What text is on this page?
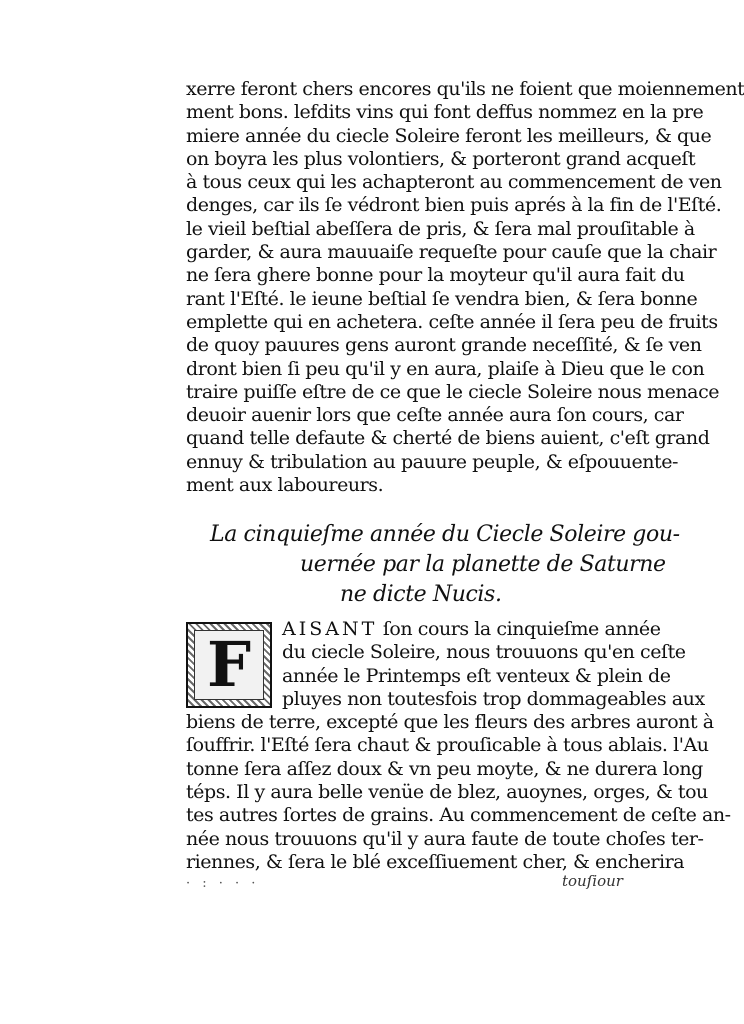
xerre feront chers encores qu'ils ne foient que moiennement
ment bons. lefdits vins qui font deffus nommez en la pre
miere année du ciecle Soleire feront les meilleurs, & que
on boyra les plus volontiers, & porteront grand acqueſt
à tous ceux qui les achapteront au commencement de ven
denges, car ils ſe védront bien puis aprés à la fin de l'Eſté.
le vieil beſtial abeſſera de pris, & ſera mal prouſitable à
garder, & aura mauuaiſe requeſte pour cauſe que la chair
ne ſera ghere bonne pour la moyteur qu'il aura fait du
rant l'Eſté. le ieune beſtial ſe vendra bien, & ſera bonne
emplette qui en achetera. ceſte année il ſera peu de fruits
de quoy pauures gens auront grande neceſſité, & ſe ven
dront bien ſi peu qu'il y en aura, plaiſe à Dieu que le con
traire puiſſe eſtre de ce que le ciecle Soleire nous menace
deuoir auenir lors que ceſte année aura ſon cours, car
quand telle defaute & cherté de biens auient, c'eſt grand
ennuy & tribulation au pauure peuple, & eſpouuente-
ment aux laboureurs.
La cinquieſme année du Ciecle Soleire gou-
uernée par la planette de Saturne
ne dicte Nucis.
F	AISANT ſon cours la cinquieſme année
du ciecle Soleire, nous trouuons qu'en ceſte
année le Printemps eſt venteux & plein de
pluyes non toutesfois trop dommageables aux
biens de terre, excepté que les fleurs des arbres auront à
ſouffrir. l'Eſté ſera chaut & prouſicable à tous ablais. l'Au
tonne ſera aſſez doux & vn peu moyte, & ne durera long
téps. Il y aura belle venüe de blez, auoynes, orges, & tou
tes autres ſortes de grains. Au commencement de ceſte an-
née nous trouuons qu'il y aura faute de toute choſes ter-
riennes, & ſera le blé exceſſiuement cher, & encherira
· : · · ·	touſiour
